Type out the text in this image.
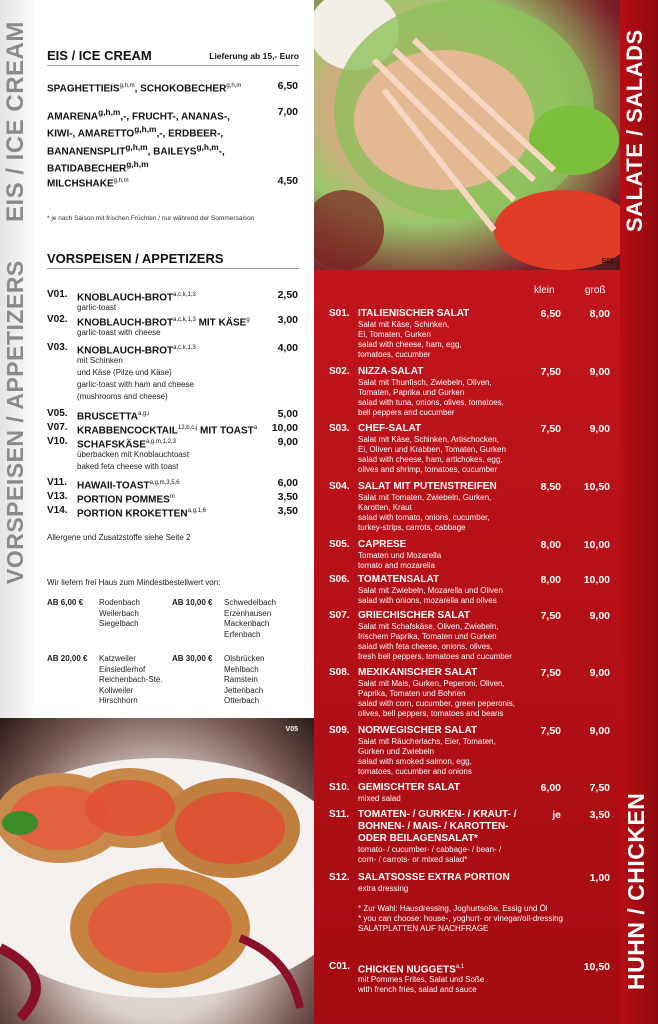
EIS / ICE CREAM
VORSPEISEN / APPETIZERS	S01
SALATE / SALADS
HUHN / CHICKEN
V05
EIS / ICE CREAM	Lieferung ab 15,- Euro
SPAGHETTIEIS$^{g,h,m}$, SCHOKOBECHER$^{g,h,m}$	6,50
AMARENA$^{g,h,m}$,-, FRUCHT-, ANANAS-,
KIWI-, AMARETTO$^{g,h,m}$,-, ERDBEER-,
BANANENSPLIT$^{g,h,m}$, BAILEYS$^{g,h,m}$-,
BATIDABECHER$^{g,h,m}$
7,00
MILCHSHAKE$^{g,h,m}$	4,50
* je nach Saison mit frischen Früchten / nur während der Sommersaison
VORSPEISEN / APPETIZERS
Allergene und Zusatzstoffe siehe Seite 2
Wir liefern frei Haus zum Mindestbestellwert von:
klein	groß
* Zur Wahl: Hausdressing, Joghurtsoße, Essig und Öl
* you can choose: house-, yoghurt- or vinegar/oil-dressing
SALATPLATTEN AUF NACHFRAGE
C01. CHICKEN NUGGETS$^{a,1}$	10,50
mit Pommes Frites, Salat und Soße
with french fries, salad and sauce
V01. KNOBLAUCH-BROT$^{a,c,k,1,3}$	2,50
garlic-toast
V02. KNOBLAUCH-BROT$^{a,c,k,1,3}$ MIT KÄSE$^g$	3,00
garlic-toast with cheese
V03. KNOBLAUCH-BROT$^{a,c,k,1,3}$	4,00
mit Schinken
und Käse (Pilze und Käse)
garlic-toast with ham and cheese
(mushrooms and cheese)
V05. BRUSCETTA$^{a,g,i}$	5,00
V07. KRABBENCOCKTAIL$^{12,b,c,j}$ MIT TOAST$^a$	10,00
V10. SCHAFSKÄSE$^{a,g,m,1,2,3}$	9,00
überbacken mit Knoblauchtoast
baked feta cheese with toast
V11. HAWAII-TOAST$^{a,g,m,3,5,6}$	6,00
V13. PORTION POMMES$^m$	3,50
V14. PORTION KROKETTEN$^{a,g,1,6}$	3,50
AB 6,00 € Rodenbach
Weilerbach
Siegelbach
AB 10,00 € Schwedelbach
Erzenhausen
Mackenbach
Erfenbach
AB 20,00 € Katzweiler
Einsiedlerhof
Reichenbach-Ste.
Kollweiler
Hirschhorn
AB 30,00 € Olsbrücken
Mehlbach
Ramstein
Jettenbach
Otterbach
S01. ITALIENISCHER SALAT	6,50	8,00
Salat mit Käse, Schinken,
Ei, Tomaten, Gurken
salad with cheese, ham, egg,
tomatoes, cucumber
S02. NIZZA-SALAT	7,50	9,00
Salat mit Thunfisch, Zwiebeln, Oliven,
Tomaten, Paprika und Gurken
salad with tuna, onions, olives, tomatoes,
bell peppers and cucumber
S03. CHEF-SALAT	7,50	9,00
Salat mit Käse, Schinken, Artischocken,
Ei, Oliven und Krabben, Tomaten, Gurken
salad with cheese, ham, artichokes, egg,
olives and shrimp, tomatoes, cucumber
S04. SALAT MIT PUTENSTREIFEN	8,50	10,50
Salat mit Tomaten, Zwiebeln, Gurken,
Karotten, Kraut
salad with tomato, onions, cucumber,
turkey-strips, carrots, cabbage
S05. CAPRESE	8,00	10,00
Tomaten und Mozarella
tomato and mozarella
S06. TOMATENSALAT	8,00	10,00
Salat mit Zwiebeln, Mozarella und Oliven
salad with onions, mozarella and olives
S07. GRIECHISCHER SALAT	7,50	9,00
Salat mit Schafskäse, Oliven, Zwiebeln,
frischem Paprika, Tomaten und Gurken
salad with feta cheese, onions, olives,
fresh bell peppers, tomatoes and cucumber
S08. MEXIKANISCHER SALAT	7,50	9,00
Salat mit Mais, Gurken, Peperoni, Oliven,
Paprika, Tomaten und Bohnen
salad with corn, cucumber, green peperonis,
olives, bell peppers, tomatoes and beans
S09. NORWEGISCHER SALAT	7,50	9,00
Salat mit Räucherlachs, Eier, Tomaten,
Gurken und Zwiebeln
salad with smoked salmon, egg,
tomatoes, cucumber and onions
S10. GEMISCHTER SALAT	6,00	7,50
mixed salad
S11. TOMATEN- / GURKEN- / KRAUT- /
BOHNEN- / MAIS- / KAROTTEN-
ODER BEILAGENSALAT*
je	3,50
tomato- / cucumber- / cabbage- / bean- /
corn- / carrots- or mixed salad*
S12. SALATSOSSE EXTRA PORTION	1,00
extra dressing
